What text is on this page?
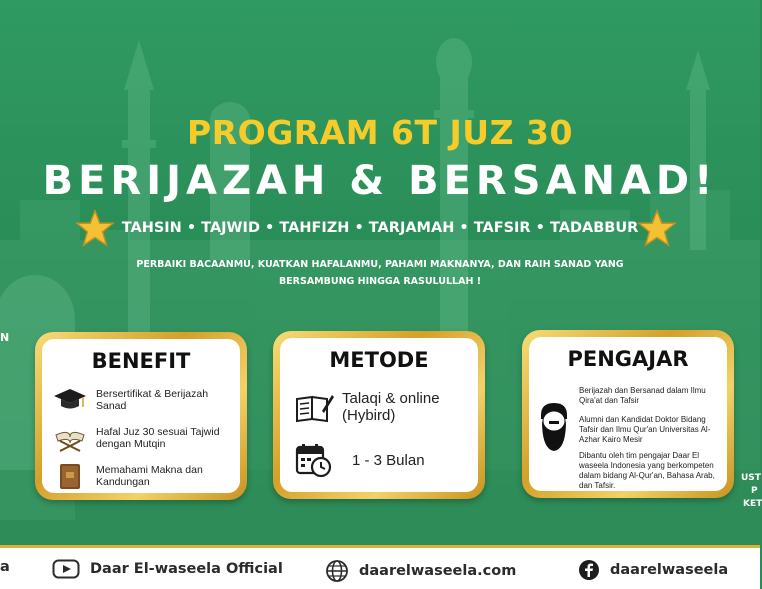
PROGRAM 6T JUZ 30
BERIJAZAH & BERSANAD!
TAHSIN • TAJWID • TAHFIZH • TARJAMAH • TAFSIR • TADABBUR
PERBAIKI BACAANMU, KUATKAN HAFALANMU, PAHAMI MAKNANYA, DAN RAIH SANAD YANG
BERSAMBUNG HINGGA RASULULLAH !
N
UST
P
KET
BENEFIT
Bersertifikat & Berijazah Sanad
Hafal Juz 30 sesuai Tajwid dengan Mutqin
Memahami Makna dan Kandungan
METODE
Talaqi & online (Hybird)
1 - 3 Bulan
PENGAJAR
Berijazah dan Bersanad dalam Ilmu Qira'at dan Tafsir
Alumni dan Kandidat Doktor Bidang Tafsir dan Ilmu Qur'an Universitas Al-Azhar Kairo Mesir
Dibantu oleh tim pengajar Daar El waseela Indonesia yang berkompeten dalam bidang Al-Qur'an, Bahasa Arab, dan Tafsir.
a	Daar El-waseela Official	daarelwaseela.com	daarelwaseela
